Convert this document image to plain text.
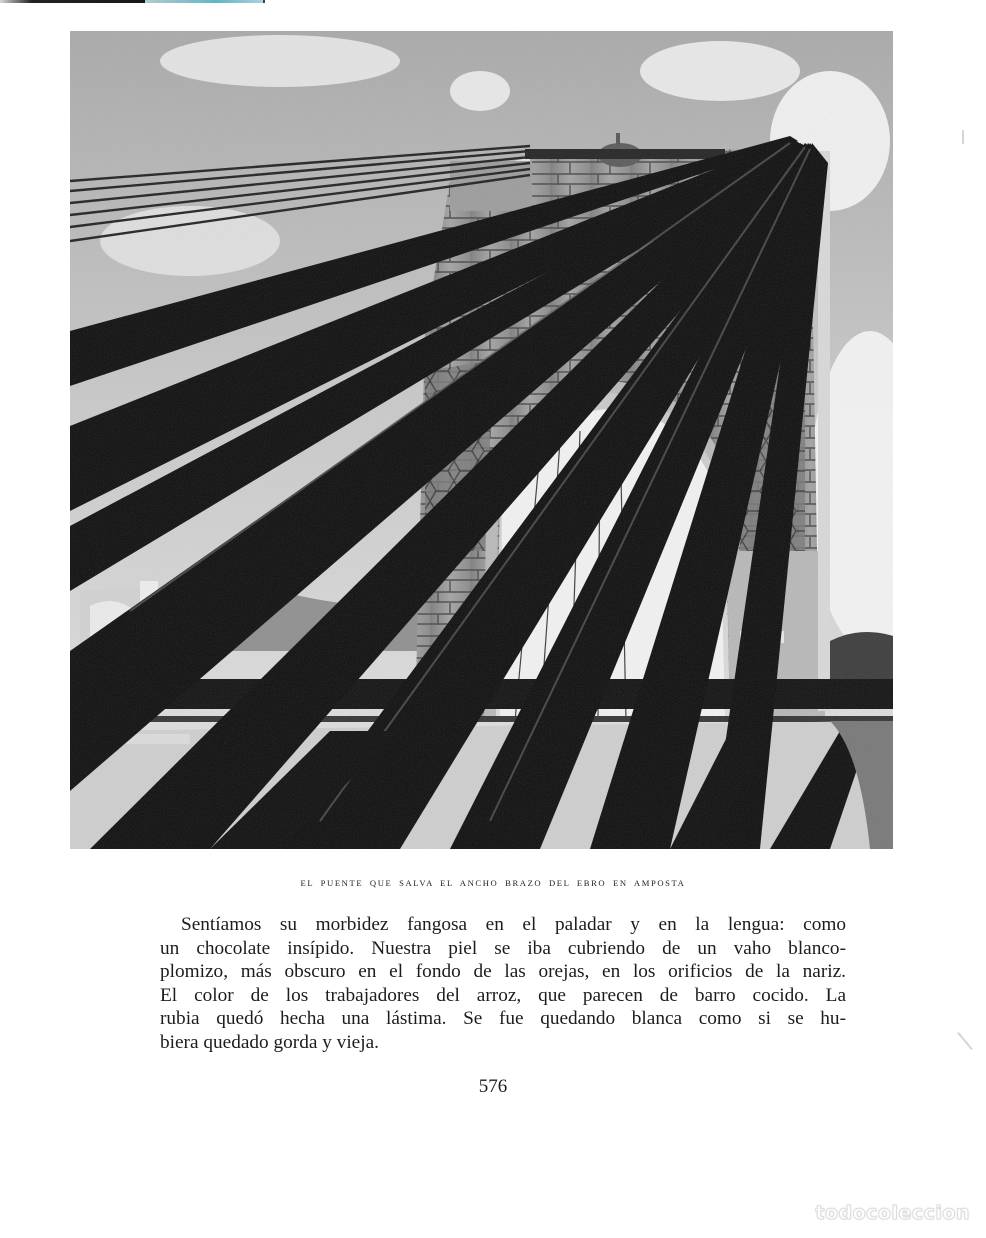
EL PUENTE QUE SALVA EL ANCHO BRAZO DEL EBRO EN AMPOSTA
Sentíamos su morbidez fangosa en el paladar y en la lengua: como
un chocolate insípido. Nuestra piel se iba cubriendo de un vaho blanco-
plomizo, más obscuro en el fondo de las orejas, en los orificios de la nariz.
El color de los trabajadores del arroz, que parecen de barro cocido. La
rubia quedó hecha una lástima. Se fue quedando blanca como si se hu-
biera quedado gorda y vieja.
576
todocoleccion
